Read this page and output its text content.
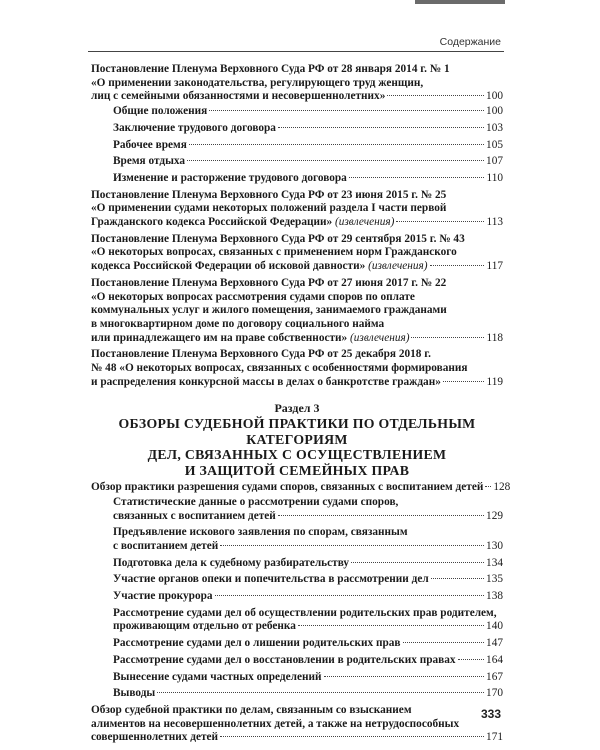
Содержание
Постановление Пленума Верховного Суда РФ от 28 января 2014 г. № 1
«О применении законодательства, регулирующего труд женщин,
лиц с семейными обязанностями и несовершеннолетних»	100
Общие положения	100
Заключение трудового договора	103
Рабочее время	105
Время отдыха	107
Изменение и расторжение трудового договора	110
Постановление Пленума Верховного Суда РФ от 23 июня 2015 г. № 25
«О применении судами некоторых положений раздела I части первой
Гражданского кодекса Российской Федерации» (извлечения)	113
Постановление Пленума Верховного Суда РФ от 29 сентября 2015 г. № 43
«О некоторых вопросах, связанных с применением норм Гражданского
кодекса Российской Федерации об исковой давности» (извлечения)	117
Постановление Пленума Верховного Суда РФ от 27 июня 2017 г. № 22
«О некоторых вопросах рассмотрения судами споров по оплате
коммунальных услуг и жилого помещения, занимаемого гражданами
в многоквартирном доме по договору социального найма
или принадлежащего им на праве собственности» (извлечения)	118
Постановление Пленума Верховного Суда РФ от 25 декабря 2018 г.
№ 48 «О некоторых вопросах, связанных с особенностями формирования
и распределения конкурсной массы в делах о банкротстве граждан»	119
Раздел 3
ОБЗОРЫ СУДЕБНОЙ ПРАКТИКИ ПО ОТДЕЛЬНЫМ КАТЕГОРИЯМ
ДЕЛ, СВЯЗАННЫХ С ОСУЩЕСТВЛЕНИЕМ
И ЗАЩИТОЙ СЕМЕЙНЫХ ПРАВ
Обзор практики разрешения судами споров, связанных с воспитанием детей 128
Статистические данные о рассмотрении судами споров,
связанных с воспитанием детей	129
Предъявление искового заявления по спорам, связанным
с воспитанием детей	130
Подготовка дела к судебному разбирательству	134
Участие органов опеки и попечительства в рассмотрении дел	135
Участие прокурора	138
Рассмотрение судами дел об осуществлении родительских прав родителем,
проживающим отдельно от ребенка	140
Рассмотрение судами дел о лишении родительских прав	147
Рассмотрение судами дел о восстановлении в родительских правах	164
Вынесение судами частных определений	167
Выводы	170
Обзор судебной практики по делам, связанным со взысканием
алиментов на несовершеннолетних детей, а также на нетрудоспособных
совершеннолетних детей	171
333
